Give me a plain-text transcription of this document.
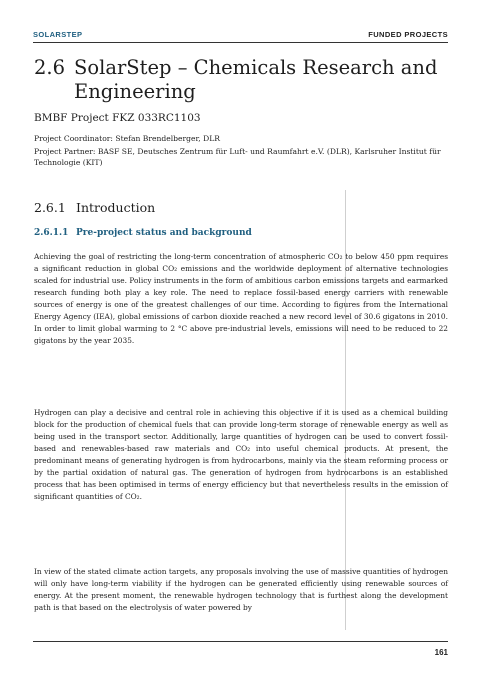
SOLARSTEP	FUNDED PROJECTS
2.6 SolarStep – Chemicals Research and Engineering
BMBF Project FKZ 033RC1103
Project Coordinator: Stefan Brendelberger, DLR
Project Partner: BASF SE, Deutsches Zentrum für Luft- und Raumfahrt e.V. (DLR), Karlsruher Institut für Technologie (KIT)
2.6.1 Introduction
2.6.1.1 Pre-project status and background

Achieving the goal of restricting the long-term concentration of atmospheric CO₂ to below 450 ppm requires a significant reduction in global CO₂ emissions and the worldwide deployment of alternative technologies scaled for industrial use. Policy instruments in the form of ambitious carbon emissions targets and earmarked research funding both play a key role. The need to replace fossil-based energy carriers with renewable sources of energy is one of the greatest challenges of our time. According to figures from the International Energy Agency (IEA), global emissions of carbon dioxide reached a new record level of 30.6 gigatons in 2010. In order to limit global warming to 2 °C above pre-industrial levels, emissions will need to be reduced to 22 gigatons by the year 2035.

Hydrogen can play a decisive and central role in achieving this objective if it is used as a chemical building block for the production of chemical fuels that can provide long-term storage of renewable energy as well as being used in the transport sector. Additionally, large quantities of hydrogen can be used to convert fossil-based and renewables-based raw materials and CO₂ into useful chemical products. At present, the predominant means of generating hydrogen is from hydrocarbons, mainly via the steam reforming process or by the partial oxidation of natural gas. The generation of hydrogen from hydrocarbons is an established process that has been optimised in terms of energy efficiency but that nevertheless results in the emission of significant quantities of CO₂.

In view of the stated climate action targets, any proposals involving the use of massive quantities of hydrogen will only have long-term viability if the hydrogen can be generated efficiently using renewable sources of energy. At the present moment, the renewable hydrogen technology that is furthest along the development path is that based on the electrolysis of water powered by

161
